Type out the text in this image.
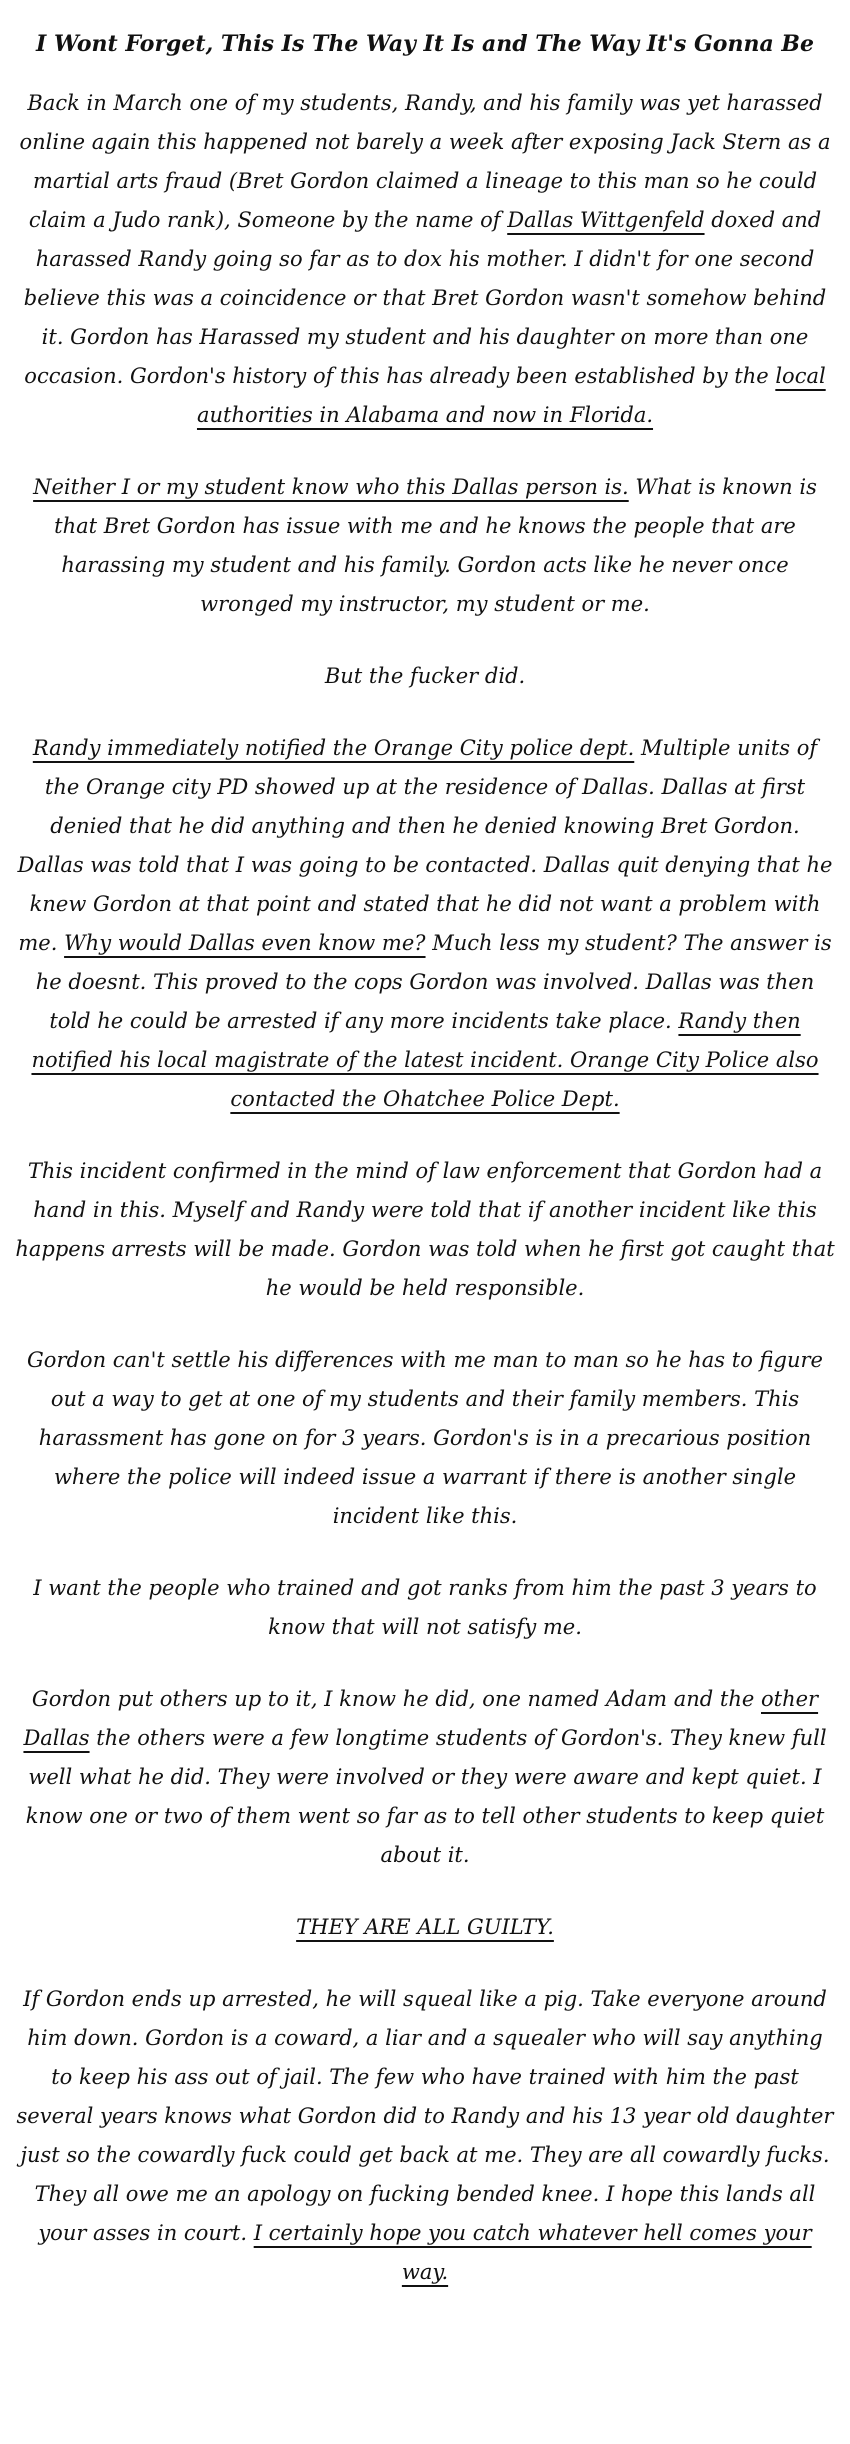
I Wont Forget, This Is The Way It Is and The Way It's Gonna Be

Back in March one of my students, Randy, and his family was yet harassed online again this happened not barely a week after exposing Jack Stern as a martial arts fraud (Bret Gordon claimed a lineage to this man so he could claim a Judo rank), Someone by the name of Dallas Wittgenfeld doxed and harassed Randy going so far as to dox his mother. I didn't for one second believe this was a coincidence or that Bret Gordon wasn't somehow behind it. Gordon has Harassed my student and his daughter on more than one occasion. Gordon's history of this has already been established by the local authorities in Alabama and now in Florida.

Neither I or my student know who this Dallas person is. What is known is that Bret Gordon has issue with me and he knows the people that are harassing my student and his family. Gordon acts like he never once wronged my instructor, my student or me.

But the fucker did.

Randy immediately notified the Orange City police dept. Multiple units of the Orange city PD showed up at the residence of Dallas. Dallas at first denied that he did anything and then he denied knowing Bret Gordon. Dallas was told that I was going to be contacted. Dallas quit denying that he knew Gordon at that point and stated that he did not want a problem with me. Why would Dallas even know me? Much less my student? The answer is he doesnt. This proved to the cops Gordon was involved. Dallas was then told he could be arrested if any more incidents take place. Randy then notified his local magistrate of the latest incident. Orange City Police also contacted the Ohatchee Police Dept.

This incident confirmed in the mind of law enforcement that Gordon had a hand in this. Myself and Randy were told that if another incident like this happens arrests will be made. Gordon was told when he first got caught that he would be held responsible.

Gordon can't settle his differences with me man to man so he has to figure out a way to get at one of my students and their family members. This harassment has gone on for 3 years. Gordon's is in a precarious position where the police will indeed issue a warrant if there is another single incident like this.

I want the people who trained and got ranks from him the past 3 years to know that will not satisfy me.

Gordon put others up to it, I know he did, one named Adam and the other Dallas the others were a few longtime students of Gordon's. They knew full well what he did. They were involved or they were aware and kept quiet. I know one or two of them went so far as to tell other students to keep quiet about it.

THEY ARE ALL GUILTY.

If Gordon ends up arrested, he will squeal like a pig. Take everyone around him down. Gordon is a coward, a liar and a squealer who will say anything to keep his ass out of jail. The few who have trained with him the past several years knows what Gordon did to Randy and his 13 year old daughter just so the cowardly fuck could get back at me. They are all cowardly fucks. They all owe me an apology on fucking bended knee. I hope this lands all your asses in court. I certainly hope you catch whatever hell comes your way.
